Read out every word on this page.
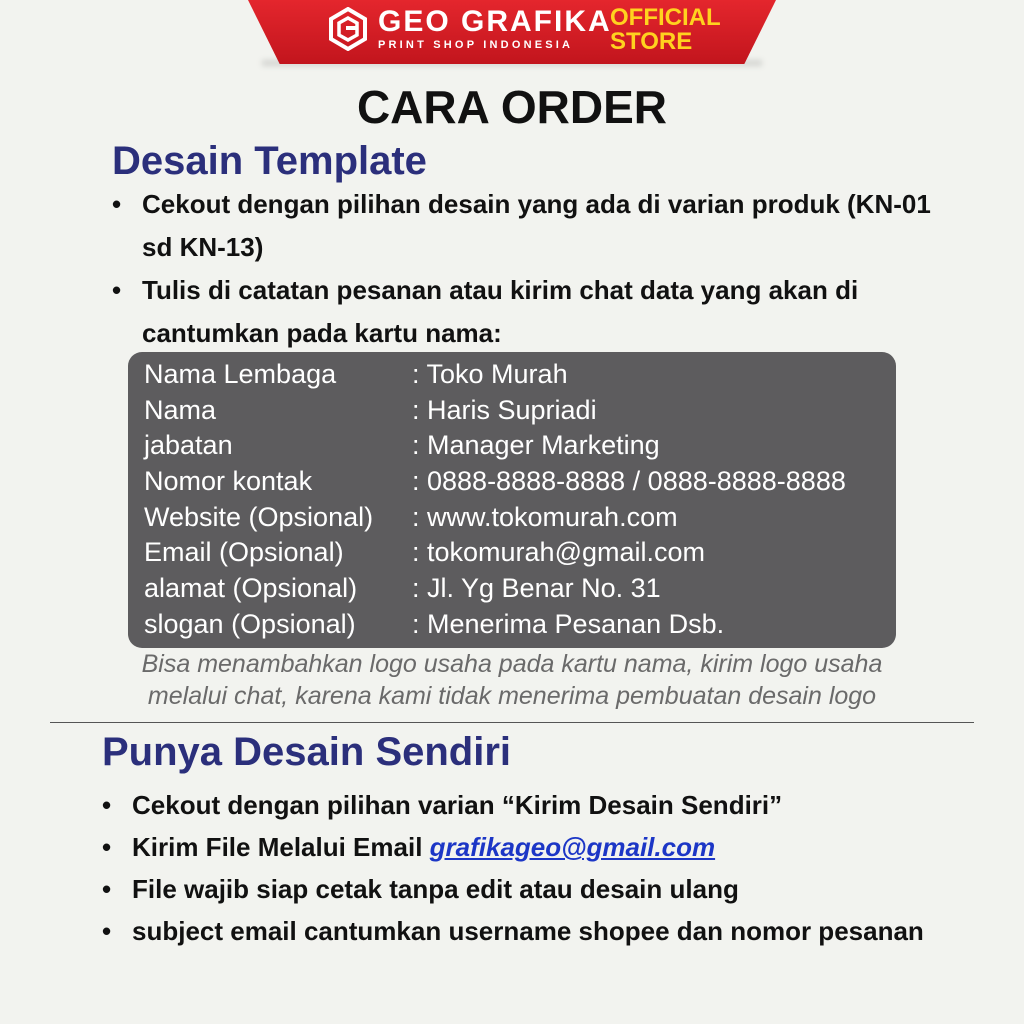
GEO GRAFIKA
PRINT SHOP INDONESIA
OFFICIAL
STORE
CARA ORDER
Desain Template
• Cekout dengan pilihan desain yang ada di varian produk (KN-01 sd KN-13)
• Tulis di catatan pesanan atau kirim chat data yang akan di cantumkan pada kartu nama:
Nama Lembaga	: Toko Murah
Nama	: Haris Supriadi
jabatan	: Manager Marketing
Nomor kontak	: 0888-8888-8888 / 0888-8888-8888
Website (Opsional) : www.tokomurah.com
Email (Opsional)	: tokomurah@gmail.com
alamat (Opsional) : Jl. Yg Benar No. 31
slogan (Opsional) : Menerima Pesanan Dsb.
Bisa menambahkan logo usaha pada kartu nama, kirim logo usaha
melalui chat, karena kami tidak menerima pembuatan desain logo
Punya Desain Sendiri
• Cekout dengan pilihan varian “Kirim Desain Sendiri”
• Kirim File Melalui Email grafikageo@gmail.com
• File wajib siap cetak tanpa edit atau desain ulang
• subject email cantumkan username shopee dan nomor pesanan
